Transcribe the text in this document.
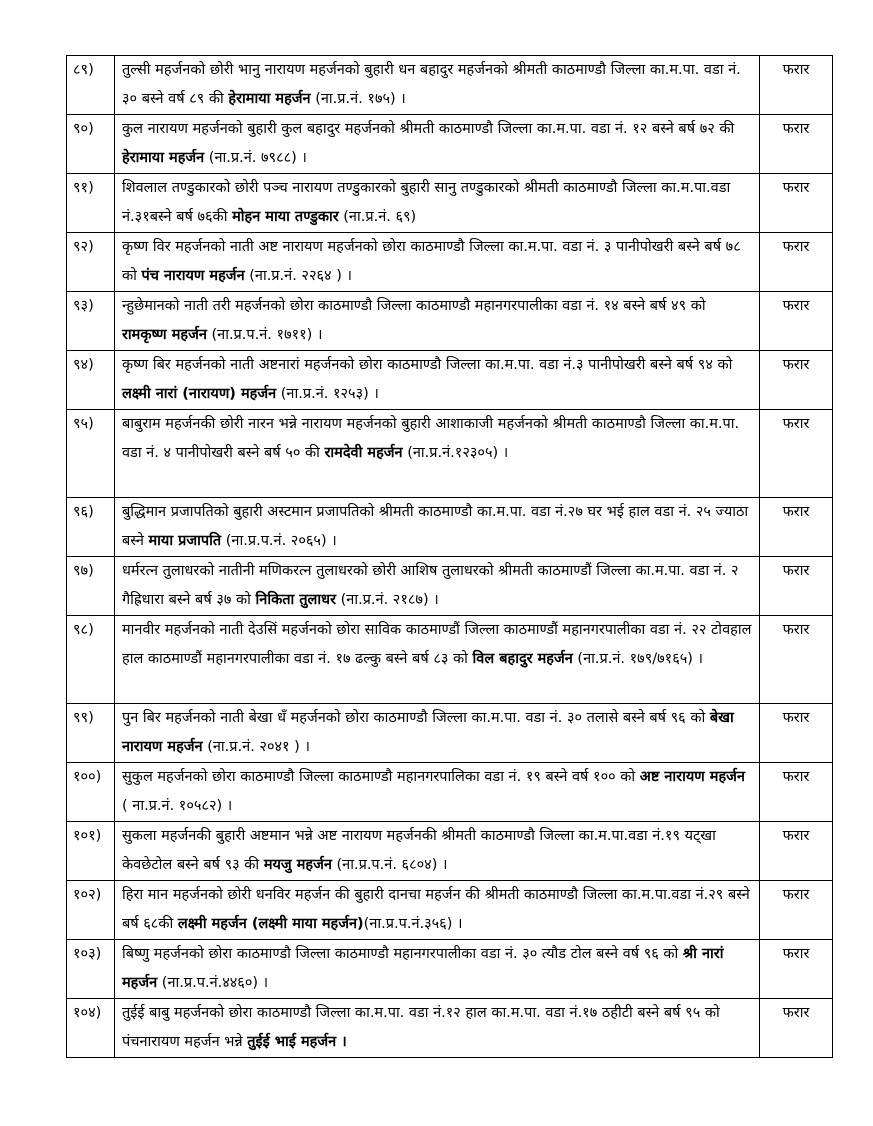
८९)	तुल्सी महर्जनको छोरी भानु नारायण महर्जनको बुहारी धन बहादुर महर्जनको श्रीमती काठमाण्डौ जिल्ला का.म.पा. वडा नं. ३० बस्ने वर्ष ८९ की हेरामाया महर्जन (ना.प्र.नं. १७५) ।	फरार
९०)	कुल नारायण महर्जनको बुहारी कुल बहादुर महर्जनको श्रीमती काठमाण्डौ जिल्ला का.म.पा. वडा नं. १२ बस्ने बर्ष ७२ की हेरामाया महर्जन (ना.प्र.नं. ७९८८) ।	फरार
९१)	शिवलाल तण्डुकारको छोरी पञ्च नारायण तण्डुकारको बुहारी सानु तण्डुकारको श्रीमती काठमाण्डौ जिल्ला का.म.पा.वडा नं.३१बस्ने बर्ष ७६की मोहन माया तण्डुकार (ना.प्र.नं. ६९)	फरार
९२)	कृष्ण विर महर्जनको नाती अष्ट नारायण महर्जनको छोरा काठमाण्डौ जिल्ला का.म.पा. वडा नं. ३ पानीपोखरी बस्ने बर्ष ७८ को पंच नारायण महर्जन (ना.प्र.नं. २२६४ ) ।	फरार
९३)	न्हुछेमानको नाती तरी महर्जनको छोरा काठमाण्डौ जिल्ला काठमाण्डौ महानगरपालीका वडा नं. १४ बस्ने बर्ष ४९ को रामकृष्ण महर्जन (ना.प्र.प.नं. १७११) ।	फरार
९४)	कृष्ण बिर महर्जनको नाती अष्टनारां महर्जनको छोरा काठमाण्डौ जिल्ला का.म.पा. वडा नं.३ पानीपोखरी बस्ने बर्ष ९४ को लक्ष्मी नारां (नारायण) महर्जन (ना.प्र.नं. १२५३) ।	फरार
९५)	बाबुराम महर्जनकी छोरी नारन भन्ने नारायण महर्जनको बुहारी आशाकाजी महर्जनको श्रीमती काठमाण्डौ जिल्ला का.म.पा. वडा नं. ४ पानीपोखरी बस्ने बर्ष ५० की रामदेवी महर्जन (ना.प्र.नं.१२३०५) ।	फरार
९६)	बुद्धिमान प्रजापतिको बुहारी अस्टमान प्रजापतिको श्रीमती काठमाण्डौ का.म.पा. वडा नं.२७ घर भई हाल वडा नं. २५ ज्याठा बस्ने माया प्रजापति (ना.प्र.प.नं. २०६५) ।	फरार
९७)	धर्मरत्न तुलाधरको नातीनी मणिकरत्न तुलाधरको छोरी आशिष तुलाधरको श्रीमती काठमाण्डौं जिल्ला का.म.पा. वडा नं. २ गैह्रिधारा बस्ने बर्ष ३७ को निकिता तुलाधर (ना.प्र.नं. २१८७) ।	फरार
९८)	मानवीर महर्जनको नाती देउसिं महर्जनको छोरा साविक काठमाण्डौं जिल्ला काठमाण्डौं महानगरपालीका वडा नं. २२ टोवहाल हाल काठमाण्डौं महानगरपालीका वडा नं. १७ ढल्कु बस्ने बर्ष ८३ को विल बहादुर महर्जन (ना.प्र.नं. १७९/७१६५) ।	फरार
९९)	पुन बिर महर्जनको नाती बेखा धँ महर्जनको छोरा काठमाण्डौ जिल्ला का.म.पा. वडा नं. ३० तलासे बस्ने बर्ष ९६ को बेखा नारायण महर्जन (ना.प्र.नं. २०४१ ) ।	फरार
१००)	सुकुल महर्जनको छोरा काठमाण्डौ जिल्ला काठमाण्डौ महानगरपालिका वडा नं. १९ बस्ने वर्ष १०० को अष्ट नारायण महर्जन ( ना.प्र.नं. १०५८२) ।	फरार
१०१)	सुकला महर्जनकी बुहारी अष्टमान भन्ने अष्ट नारायण महर्जनकी श्रीमती काठमाण्डौ जिल्ला का.म.पा.वडा नं.१९ यट्खा केवछेटोल बस्ने बर्ष ९३ की मयजु महर्जन (ना.प्र.प.नं. ६८०४) ।	फरार
१०२)	हिरा मान महर्जनको छोरी धनविर महर्जन की बुहारी दानचा महर्जन की श्रीमती काठमाण्डौ जिल्ला का.म.पा.वडा नं.२९ बस्ने बर्ष ६८की लक्ष्मी महर्जन (लक्ष्मी माया महर्जन)(ना.प्र.प.नं.३५६) ।	फरार
१०३)	बिष्णु महर्जनको छोरा काठमाण्डौ जिल्ला काठमाण्डौ महानगरपालीका वडा नं. ३० त्यौड टोल बस्ने वर्ष ९६ को श्री नारां महर्जन (ना.प्र.प.नं.४४६०) ।	फरार
१०४)	तुईई बाबु महर्जनको छोरा काठमाण्डौ जिल्ला का.म.पा. वडा नं.१२ हाल का.म.पा. वडा नं.१७ ठहीटी बस्ने बर्ष ९५ को पंचनारायण महर्जन भन्ने तुईई भाई महर्जन ।	फरार
